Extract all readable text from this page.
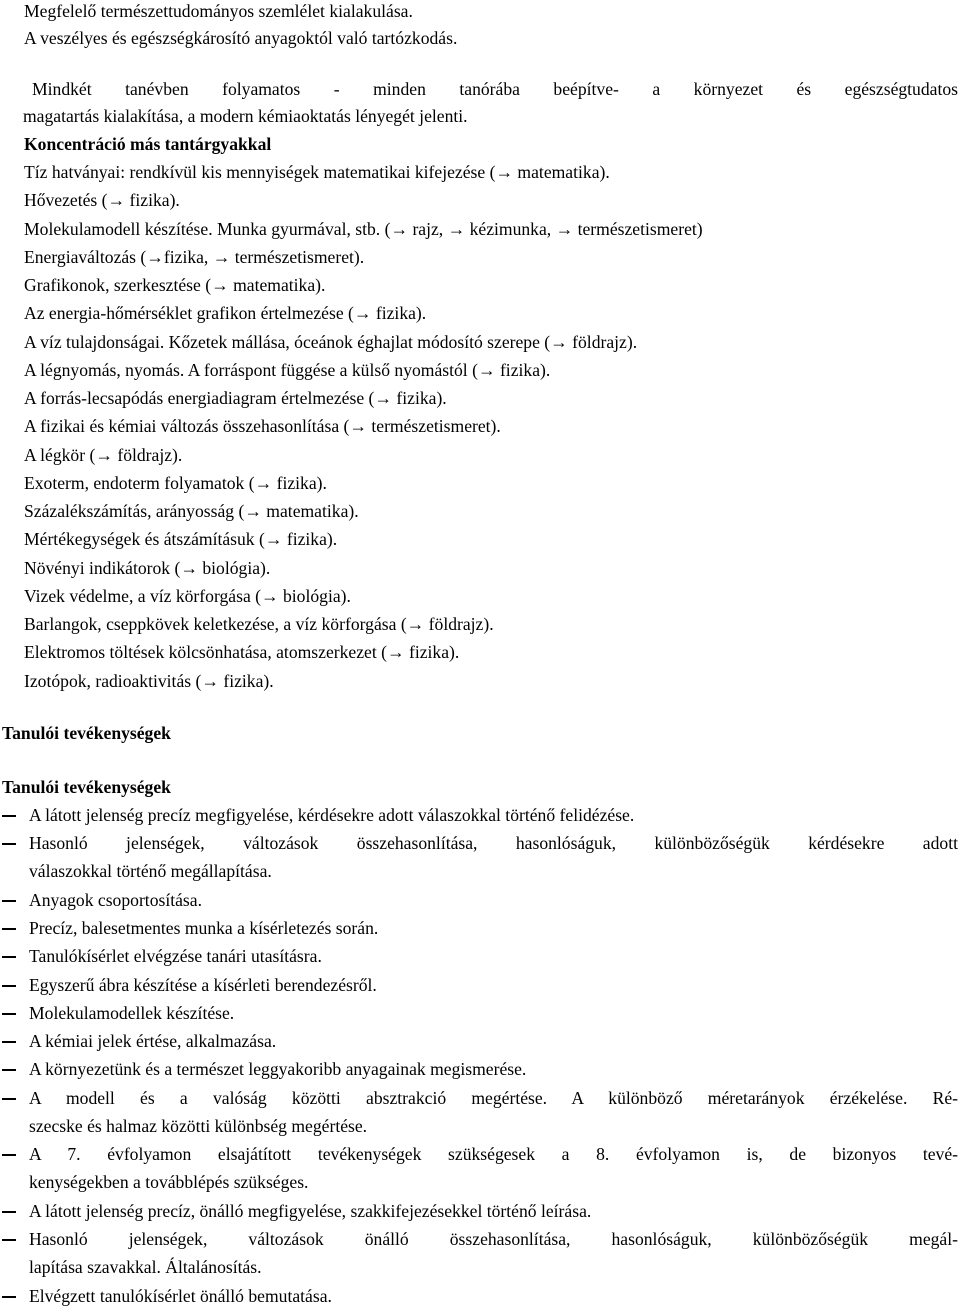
Megfelelő természettudományos szemlélet kialakulása.
A veszélyes és egészségkárosító anyagoktól való tartózkodás.
Mindkét tanévben folyamatos - minden tanórába beépítve- a környezet és egészségtudatos
magatartás kialakítása, a modern kémiaoktatás lényegét jelenti.
Koncentráció más tantárgyakkal
Tíz hatványai: rendkívül kis mennyiségek matematikai kifejezése (→ matematika).
Hővezetés (→ fizika).
Molekulamodell készítése. Munka gyurmával, stb. (→ rajz, → kézimunka, → természetismeret)
Energiaváltozás (→fizika, → természetismeret).
Grafikonok, szerkesztése (→ matematika).
Az energia-hőmérséklet grafikon értelmezése (→ fizika).
A víz tulajdonságai. Kőzetek mállása, óceánok éghajlat módosító szerepe (→ földrajz).
A légnyomás, nyomás. A forráspont függése a külső nyomástól (→ fizika).
A forrás-lecsapódás energiadiagram értelmezése (→ fizika).
A fizikai és kémiai változás összehasonlítása (→ természetismeret).
A légkör (→ földrajz).
Exoterm, endoterm folyamatok (→ fizika).
Százalékszámítás, arányosság (→ matematika).
Mértékegységek és átszámításuk (→ fizika).
Növényi indikátorok (→ biológia).
Vizek védelme, a víz körforgása (→ biológia).
Barlangok, cseppkövek keletkezése, a víz körforgása (→ földrajz).
Elektromos töltések kölcsönhatása, atomszerkezet (→ fizika).
Izotópok, radioaktivitás (→ fizika).
Tanulói tevékenységek
Tanulói tevékenységek
A látott jelenség precíz megfigyelése, kérdésekre adott válaszokkal történő felidézése.
Hasonló jelenségek, változások összehasonlítása, hasonlóságuk, különbözőségük kérdésekre adott
válaszokkal történő megállapítása.
Anyagok csoportosítása.
Precíz, balesetmentes munka a kísérletezés során.
Tanulókísérlet elvégzése tanári utasításra.
Egyszerű ábra készítése a kísérleti berendezésről.
Molekulamodellek készítése.
A kémiai jelek értése, alkalmazása.
A környezetünk és a természet leggyakoribb anyagainak megismerése.
A modell és a valóság közötti absztrakció megértése. A különböző méretarányok érzékelése. Ré-
szecske és halmaz közötti különbség megértése.
A 7. évfolyamon elsajátított tevékenységek szükségesek a 8. évfolyamon is, de bizonyos tevé-
kenységekben a továbblépés szükséges.
A látott jelenség precíz, önálló megfigyelése, szakkifejezésekkel történő leírása.
Hasonló jelenségek, változások önálló összehasonlítása, hasonlóságuk, különbözőségük megál-
lapítása szavakkal. Általánosítás.
Elvégzett tanulókísérlet önálló bemutatása.
